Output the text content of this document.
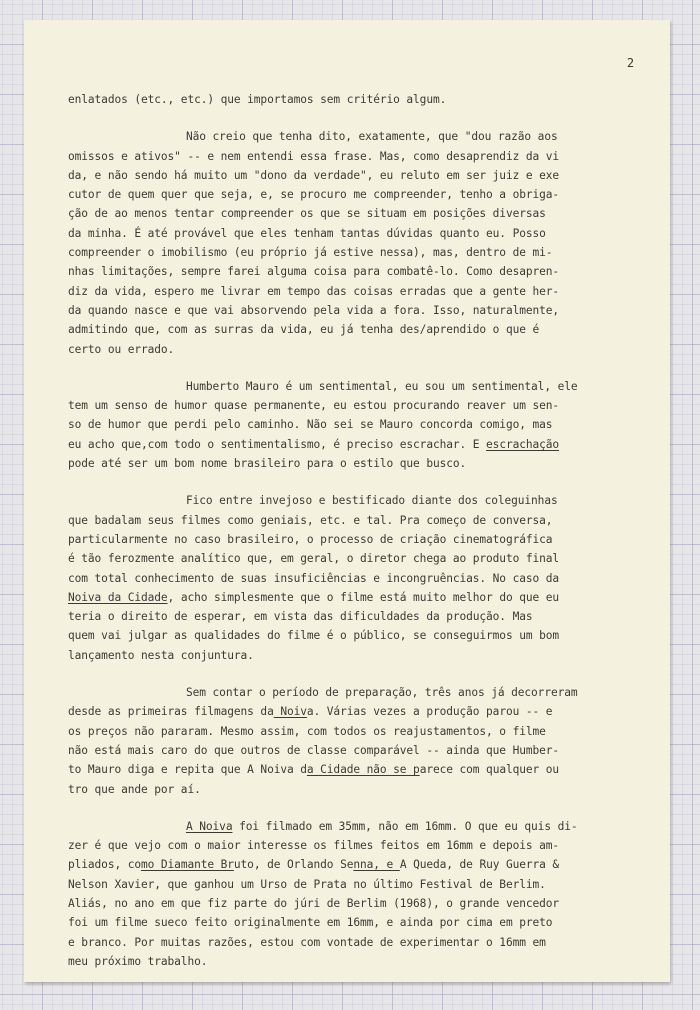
2
enlatados (etc., etc.) que importamos sem critério algum.
Não creio que tenha dito, exatamente, que "dou razão aos
omissos e ativos" -- e nem entendi essa frase. Mas, como desaprendiz da vi
da, e não sendo há muito um "dono da verdade", eu reluto em ser juiz e exe
cutor de quem quer que seja, e, se procuro me compreender, tenho a obriga-
ção de ao menos tentar compreender os que se situam em posições diversas
da minha. É até provável que eles tenham tantas dúvidas quanto eu. Posso
compreender o imobilismo (eu próprio já estive nessa), mas, dentro de mi-
nhas limitações, sempre farei alguma coisa para combatê-lo. Como desapren-
diz da vida, espero me livrar em tempo das coisas erradas que a gente her-
da quando nasce e que vai absorvendo pela vida a fora. Isso, naturalmente,
admitindo que, com as surras da vida, eu já tenha des/aprendido o que é
certo ou errado.
Humberto Mauro é um sentimental, eu sou um sentimental, ele
tem um senso de humor quase permanente, eu estou procurando reaver um sen-
so de humor que perdi pelo caminho. Não sei se Mauro concorda comigo, mas
eu acho que,com todo o sentimentalismo, é preciso escrachar. E escrachação
pode até ser um bom nome brasileiro para o estilo que busco.
Fico entre invejoso e bestificado diante dos coleguinhas
que badalam seus filmes como geniais, etc. e tal. Pra começo de conversa,
particularmente no caso brasileiro, o processo de criação cinematográfica
é tão ferozmente analítico que, em geral, o diretor chega ao produto final
com total conhecimento de suas insuficiências e incongruências. No caso da
Noiva da Cidade, acho simplesmente que o filme está muito melhor do que eu
teria o direito de esperar, em vista das dificuldades da produção. Mas
quem vai julgar as qualidades do filme é o público, se conseguirmos um bom
lançamento nesta conjuntura.
Sem contar o período de preparação, três anos já decorreram
desde as primeiras filmagens da Noiva. Várias vezes a produção parou -- e
os preços não pararam. Mesmo assim, com todos os reajustamentos, o filme
não está mais caro do que outros de classe comparável -- ainda que Humber-
to Mauro diga e repita que A Noiva da Cidade não se parece com qualquer ou
tro que ande por aí.
A Noiva foi filmado em 35mm, não em 16mm. O que eu quis di-
zer é que vejo com o maior interesse os filmes feitos em 16mm e depois am-
pliados, como Diamante Bruto, de Orlando Senna, e A Queda, de Ruy Guerra &
Nelson Xavier, que ganhou um Urso de Prata no último Festival de Berlim.
Aliás, no ano em que fiz parte do júri de Berlim (1968), o grande vencedor
foi um filme sueco feito originalmente em 16mm, e ainda por cima em preto
e branco. Por muitas razões, estou com vontade de experimentar o 16mm em
meu próximo trabalho.
